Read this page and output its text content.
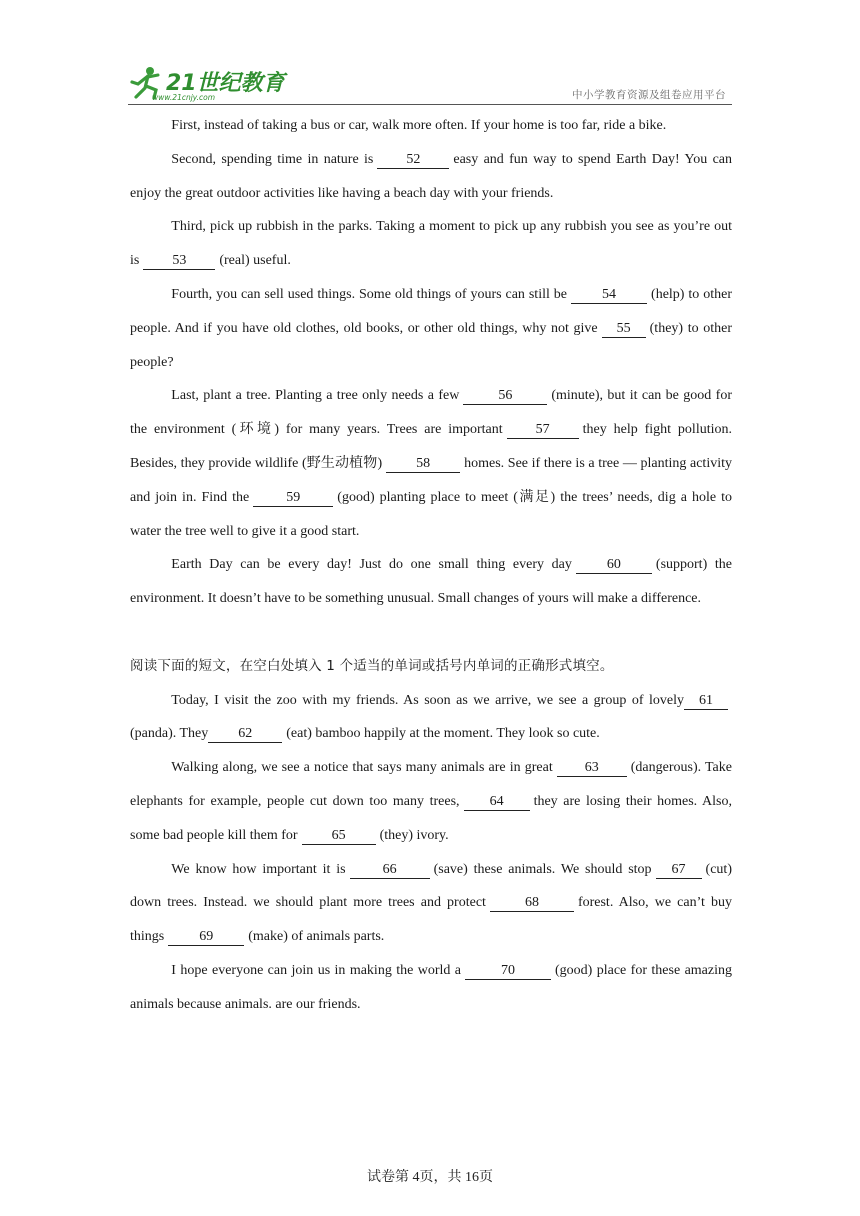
21世纪教育
www.21cnjy.com	中小学教育资源及组卷应用平台

First, instead of taking a bus or car, walk more often. If your home is too far, ride a bike.

Second, spending time in nature is 52 easy and fun way to spend Earth Day! You can enjoy the great outdoor activities like having a beach day with your friends.

Third, pick up rubbish in the parks. Taking a moment to pick up any rubbish you see as you’re out is 53 (real) useful.

Fourth, you can sell used things. Some old things of yours can still be	54	(help) to other people. And if you have old clothes, old books, or other old things, why not give 55 (they) to other people?

Last, plant a tree. Planting a tree only needs a few	56	(minute), but it can be good for the environment (环境) for many years. Trees are important 57 they help fight pollution. Besides, they provide wildlife (野生动植物) 58 homes. See if there is a tree — planting activity and join in. Find the	59	(good) planting place to meet (满足) the trees’ needs, dig a hole to water the tree well to give it a good start.

Earth Day can be every day! Just do one small thing every day	60	(support) the environment. It doesn’t have to be something unusual. Small changes of yours will make a difference.

阅读下面的短文，在空白处填入 1 个适当的单词或括号内单词的正确形式填空。

Today, I visit the zoo with my friends. As soon as we arrive, we see a group of lovely 61(panda). They 62 (eat) bamboo happily at the moment. They look so cute.

Walking along, we see a notice that says many animals are in great 63 (dangerous). Take elephants for example, people cut down too many trees, 64 they are losing their homes. Also, some bad people kill them for 65 (they) ivory.

We know how important it is	66	(save) these animals. We should stop 67 (cut) down trees. Instead. we should plant more trees and protect	68	forest. Also, we can’t buy things	69	(make) of animals parts.

I hope everyone can join us in making the world a	70	(good) place for these amazing animals because animals. are our friends.

试卷第 4页，共 16页
